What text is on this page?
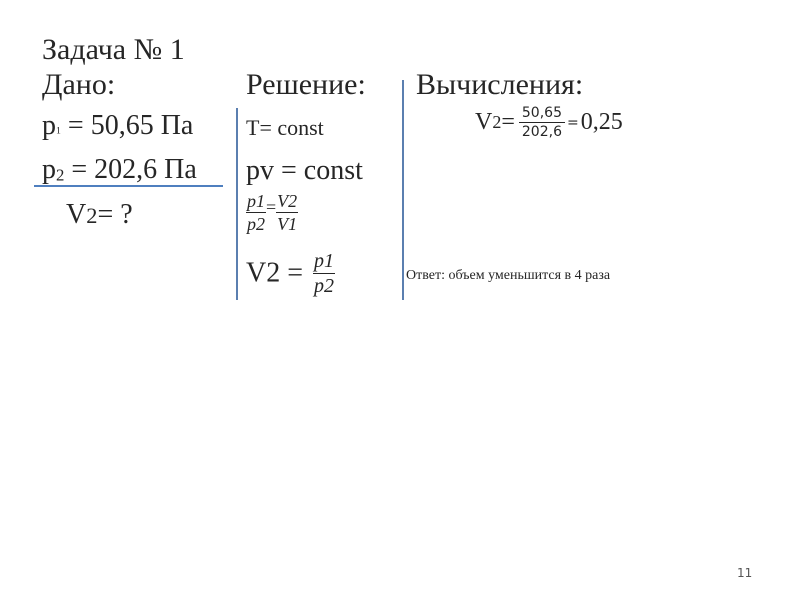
Задача № 1
Дано:	Решение: Вычисления:
p1 = 50,65 Па
p2 = 202,6 Па
V2= ?
T= const
pv = const
$\frac{p1}{p2} = \frac{V2}{V1}$
$V2 = \frac{p1}{p2}$
$V2= \frac{50,65}{202,6} =0,25$
Ответ: объем уменьшится в 4 раза
11
